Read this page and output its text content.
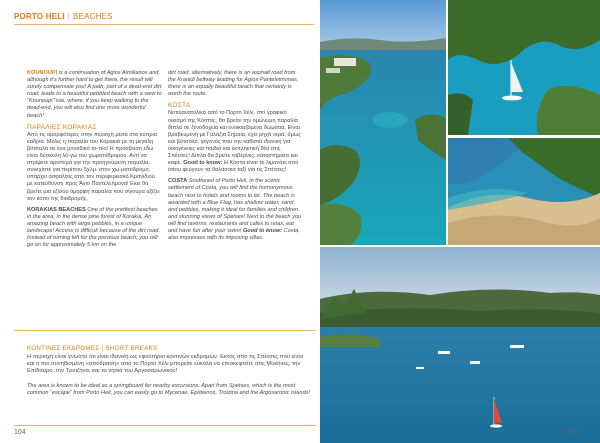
PORTO HELI | BEACHES

KOUNOUPI is a continuation of Agios Aimilianos and, although it’s further hard to get there, the result will surely compensate you! A path, part of a dead-end dirt road, leads to a beautiful pebbled beach with a view to “Kounoupi” isle, where, if you keep walking to the dead-end, you will also find one more wonderful beach!

ΠΑΡΑΛΙΕΣ ΚΟΡΑΚΙΑΣ

Από τις ομορφότερες στην περιοχή μέσα στα κύπρια καδρία. Μόλις η παραλία του Κορακιά με τη μεγάλη βότσαλα σε ένα μοναδικό το-πίο! Η πρόσβαση εδώ είναι δύσκολη λό-γω του χωματόδρομου. Αντί να στρίψετε αριστερά για την προηγούμενη παραλία, συνεχίστε για περίπου 5χλμ. στον χω-ματόδρομο, υπάρχει ασφαλτος από τον περιφερειακό Κρανιδιού με κατεύθυνση προς Άγιο Παντελεήμονα! Εκεί θα βρείτε μια εξίσου όμορφη παραλία που σίγουρα αξίζει τον κόπο της διαδρομής.

KORAKIAS BEACHES One of the prettiest beaches in the area, in the dense pine forest of Korakia. An amazing beach with large pebbles, in a unique landscape! Access is difficult because of the dirt road. Instead of turning left for the previous beach, you will go on for approximately 5 km on the

dirt road, alternatively, there is an asphalt road from the Kranidi beltway leading for Agios Panteleimonas, there is an equally beautiful beach that certainly is worth the route.

ΚΟΣΤΑ

Νοτιοανατολικά από το Πόρτο Χέλι, στο γραφικό οικισμό της Κόστας, θα βρείτε την ομώνυμη παραλία δίπλα σε ξενοδοχεία και ενοικιαζόμενα δωμάτια. Είναι βραβευμένη με Γαλάζια Σημαία, έχει ρηχά νερά, όμως και βότσαλο, γεγονός που την καθιστά ιδανική για οικογένειες και παιδιά και εκπληκτική θέα στις Σπέτσες! Δίπλα θα βρείτε ταβέρνες, καταστήματα και καφέ. Good to know: Η Κόστα είναι το λιμανάκι από όπου φεύγουν τα θαλάσσια ταξί για τις Σπέτσες!

COSTA Southeast of Porto Heli, in the scenic settlement of Costa, you will find the homonymous beach next to hotels and rooms to let. The beach is awarded with a Blue Flag, has shallow water, sand and pebbles, making it ideal for families and children and stunning views of Spetses! Next to the beach you will find taverns, restaurants and cafes to relax, eat and have fun after your swim! Good to know: Costa, also impresses with its imposing villas.

ΚΟΝΤΙΝΕΣ ΕΚΔΡΟΜΕΣ | SHORT BREAKS
Η περιοχή είναι γνωστό ότι είναι ιδανική ως εφαλτήριο κοντινών εκδρομών. Εκτός από τις Σπέτσες που είναι και η πιο συνηθισμένη «απόδραση» από το Πόρτο Χέλι μπορείτε εύκολα να επισκεφτείτε στις Μυκήνες, την Επίδαυρο, την Τροιζήνα, και τα νησιά του Αργοσαρωνικού!
The area is known to be ideal as a springboard for nearby excursions. Apart from Spetses, which is the most common “escape” from Porto Heli, you can easily go to Mycenae, Epidavros, Troizina and the Argosaronic islands!
104	105
